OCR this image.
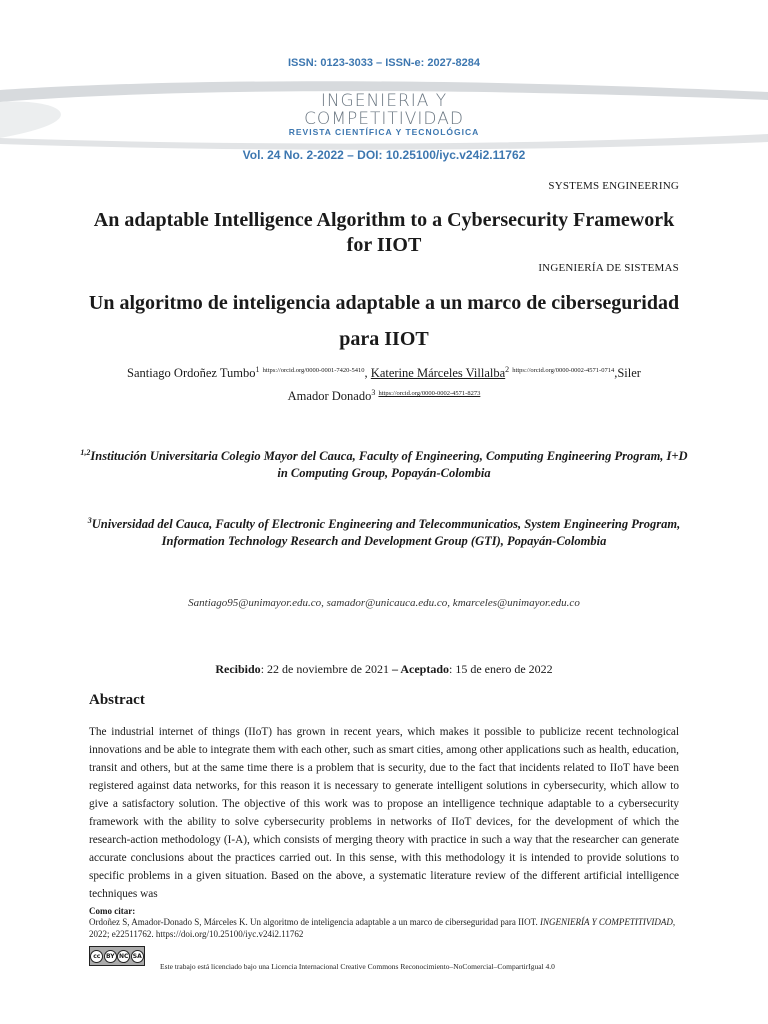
ISSN: 0123-3033 – ISSN-e: 2027-8284
INGENIERIA Y
COMPETITIVIDAD
REVISTA CIENTÍFICA Y TECNOLÓGICA
Vol. 24 No. 2-2022 – DOI: 10.25100/iyc.v24i2.11762
SYSTEMS ENGINEERING
An adaptable Intelligence Algorithm to a Cybersecurity Framework for IIOT
INGENIERÍA DE SISTEMAS
Un algoritmo de inteligencia adaptable a un marco de ciberseguridad para IIOT
Santiago Ordoñez Tumbo$^1$ $^{https://orcid.org/0000-0001-7420-5410}$, Katerine Márceles Villalba$^2$ $^{https://orcid.org/0000-0002-4571-0714}$,Siler
Amador Donado$^3$ $^{https://orcid.org/0000-0002-4571-8273}$
$^{1,2}$Institución Universitaria Colegio Mayor del Cauca, Faculty of Engineering, Computing Engineering Program, I+D in Computing Group, Popayán-Colombia
$^3$Universidad del Cauca, Faculty of Electronic Engineering and Telecommunicatios, System Engineering Program, Information Technology Research and Development Group (GTI), Popayán-Colombia
Santiago95@unimayor.edu.co, samador@unicauca.edu.co, kmarceles@unimayor.edu.co
Recibido: 22 de noviembre de 2021 – Aceptado: 15 de enero de 2022
Abstract
The industrial internet of things (IIoT) has grown in recent years, which makes it possible to publicize recent technological innovations and be able to integrate them with each other, such as smart cities, among other applications such as health, education, transit and others, but at the same time there is a problem that is security, due to the fact that incidents related to IIoT have been registered against data networks, for this reason it is necessary to generate intelligent solutions in cybersecurity, which allow to give a satisfactory solution. The objective of this work was to propose an intelligence technique adaptable to a cybersecurity framework with the ability to solve cybersecurity problems in networks of IIoT devices, for the development of which the research-action methodology (I-A), which consists of merging theory with practice in such a way that the researcher can generate accurate conclusions about the practices carried out. In this sense, with this methodology it is intended to provide solutions to specific problems in a given situation. Based on the above, a systematic literature review of the different artificial intelligence techniques was
Como citar:
Ordoñez S, Amador-Donado S, Márceles K. Un algoritmo de inteligencia adaptable a un marco de ciberseguridad para IIOT. INGENIERÍA Y COMPETITIVIDAD, 2022; e22511762. https://doi.org/10.25100/iyc.v24i2.11762
cc BY NC SA
Este trabajo está licenciado bajo una Licencia Internacional Creative Commons Reconocimiento–NoComercial–CompartirIgual 4.0
